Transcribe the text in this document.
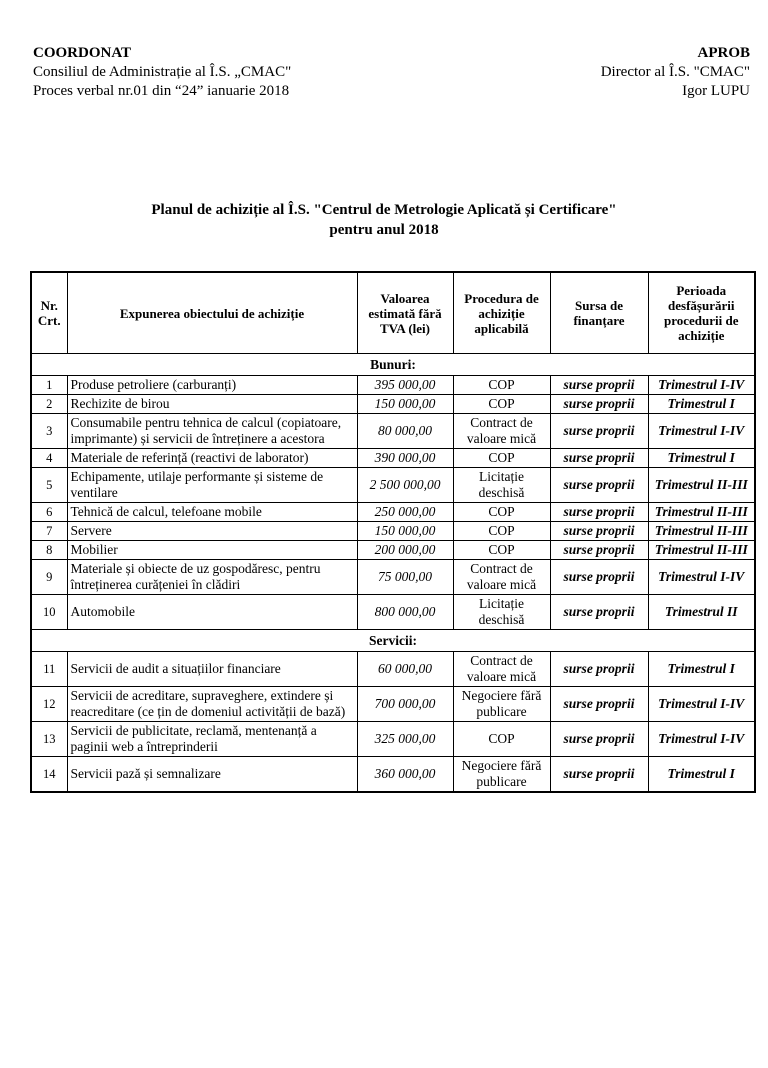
COORDONAT
Consiliul de Administrație al Î.S. „CMAC"
Proces verbal nr.01 din “24” ianuarie 2018
APROB
Director al Î.S. "CMAC"
Igor LUPU
Planul de achiziție al Î.S. "Centrul de Metrologie Aplicată și Certificare"
pentru anul 2018
Nr. Crt.	Expunerea obiectului de achiziție	Valoarea estimată fără TVA (lei)	Procedura de achiziție aplicabilă	Sursa de finanțare	Perioada desfășurării procedurii de achiziție
Bunuri:					
1	Produse petroliere (carburanți)	395 000,00	COP	surse proprii	Trimestrul I-IV
2	Rechizite de birou	150 000,00	COP	surse proprii	Trimestrul I
3	Consumabile pentru tehnica de calcul (copiatoare, imprimante) și servicii de întreținere a acestora	80 000,00	Contract de valoare mică	surse proprii	Trimestrul I-IV
4	Materiale de referință (reactivi de laborator)	390 000,00	COP	surse proprii	Trimestrul I
5	Echipamente, utilaje performante și sisteme de ventilare	2 500 000,00	Licitație deschisă	surse proprii	Trimestrul II-III
6	Tehnică de calcul, telefoane mobile	250 000,00	COP	surse proprii	Trimestrul II-III
7	Servere	150 000,00	COP	surse proprii	Trimestrul II-III
8	Mobilier	200 000,00	COP	surse proprii	Trimestrul II-III
9	Materiale și obiecte de uz gospodăresc, pentru întreținerea curățeniei în clădiri	75 000,00	Contract de valoare mică	surse proprii	Trimestrul I-IV
10	Automobile	800 000,00	Licitație deschisă	surse proprii	Trimestrul II
Servicii:					
11	Servicii de audit a situațiilor financiare	60 000,00	Contract de valoare mică	surse proprii	Trimestrul I
12	Servicii de acreditare, supraveghere, extindere și reacreditare (ce țin de domeniul activității de bază)	700 000,00	Negociere fără publicare	surse proprii	Trimestrul I-IV
13	Servicii de publicitate, reclamă, mentenanță a paginii web a întreprinderii	325 000,00	COP	surse proprii	Trimestrul I-IV
14	Servicii pază și semnalizare	360 000,00	Negociere fără publicare	surse proprii	Trimestrul I
